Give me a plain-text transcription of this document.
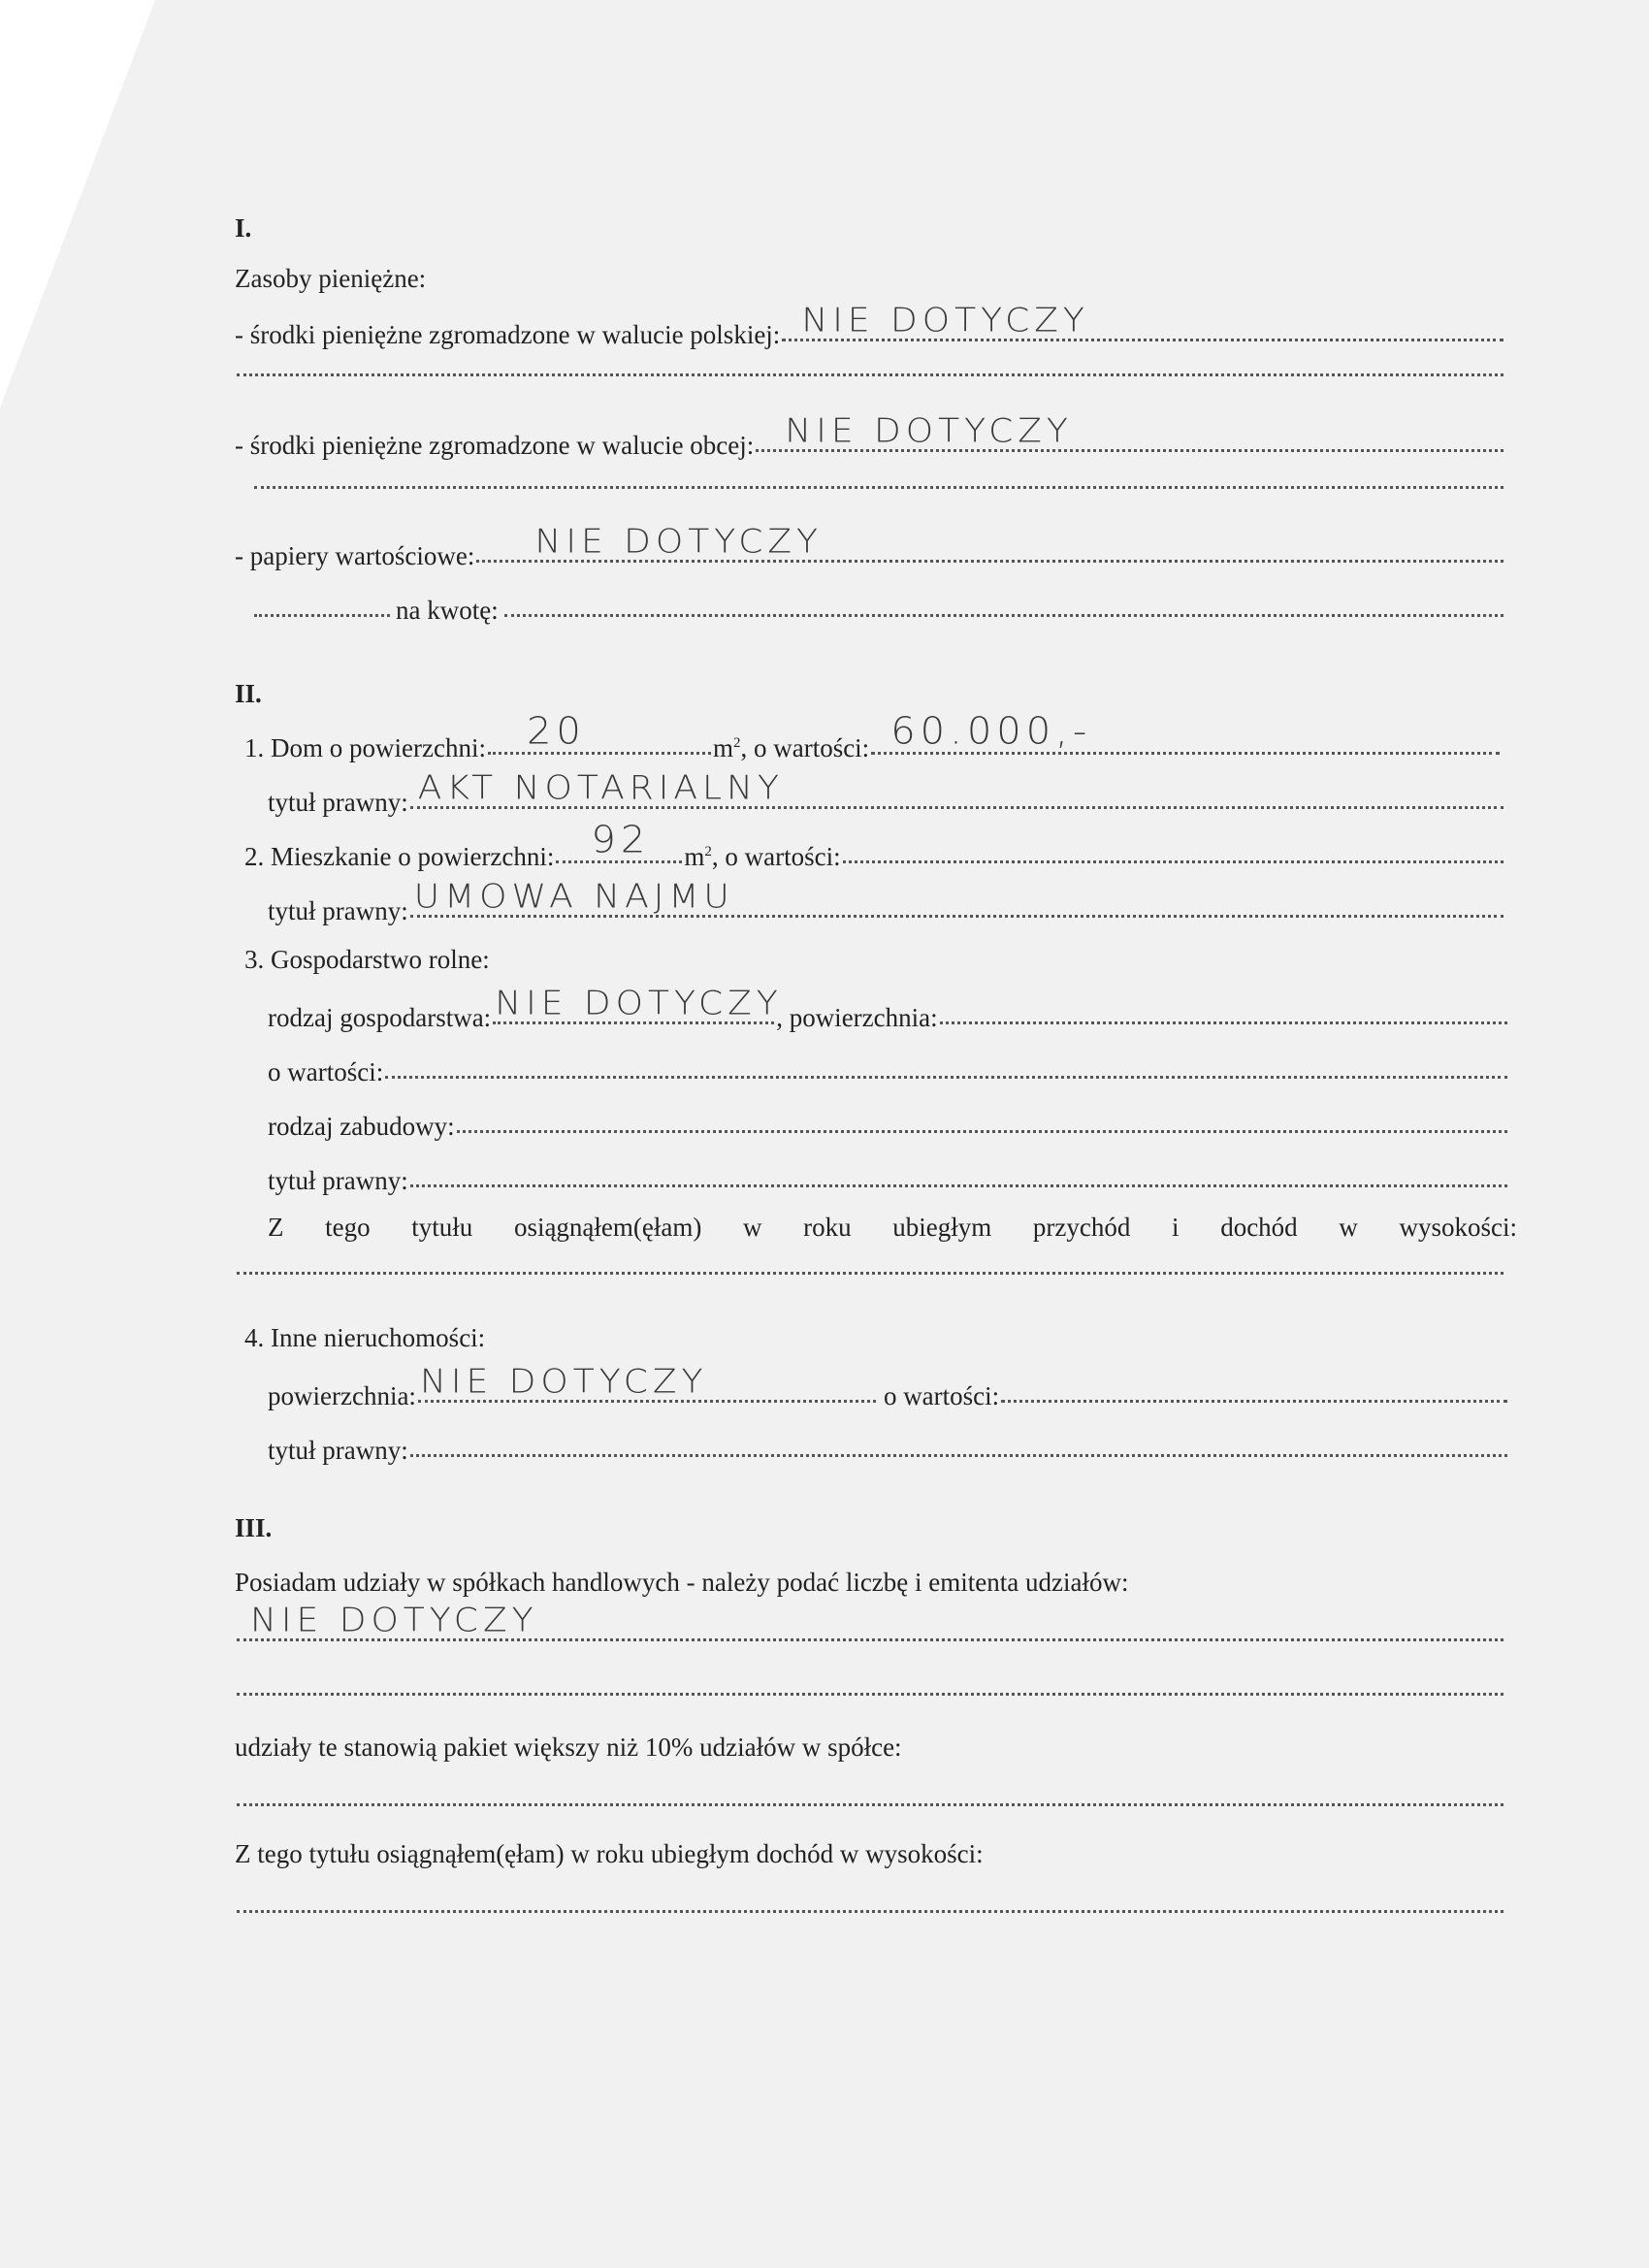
I.
Zasoby pieniężne:
- środki pieniężne zgromadzone w walucie polskiej: NIE DOTYCZY
- środki pieniężne zgromadzone w walucie obcej: NIE DOTYCZY
- papiery wartościowe: NIE DOTYCZY
na kwotę:
II.
1. Dom o powierzchni: 20	$m^2$ , o wartości: 60.000,-
tytuł prawny: AKT NOTARIALNY
2. Mieszkanie o powierzchni: 92 $m^2$ , o wartości:
tytuł prawny: UMOWA NAJMU
3. Gospodarstwo rolne:
rodzaj gospodarstwa: NIE DOTYCZY
, powierzchnia:
o wartości:
rodzaj zabudowy:
tytuł prawny:
Z tego tytułu osiągnąłem(ęłam) w roku ubiegłym przychód i dochód w wysokości:
4. Inne nieruchomości:
powierzchnia: NIE DOTYCZY	o wartości:
tytuł prawny:
III.
Posiadam udziały w spółkach handlowych - należy podać liczbę i emitenta udziałów:
NIE DOTYCZY
udziały te stanowią pakiet większy niż 10% udziałów w spółce:
Z tego tytułu osiągnąłem(ęłam) w roku ubiegłym dochód w wysokości:
